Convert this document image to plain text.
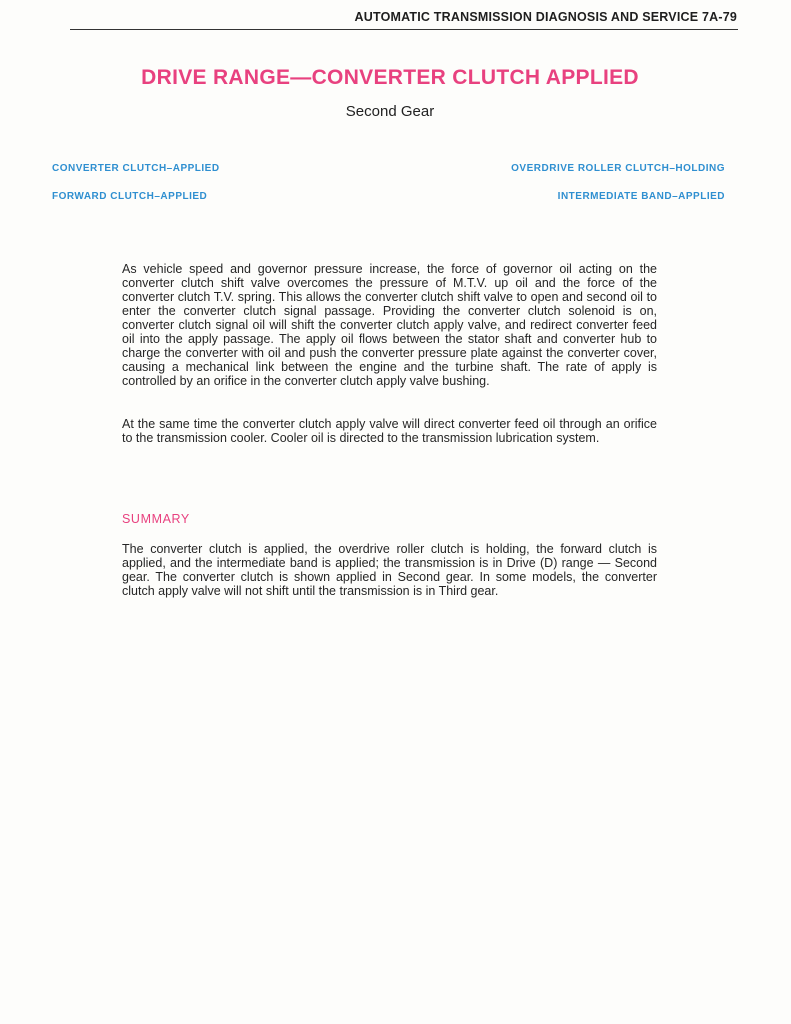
AUTOMATIC TRANSMISSION DIAGNOSIS AND SERVICE 7A-79
DRIVE RANGE—CONVERTER CLUTCH APPLIED
Second Gear
CONVERTER CLUTCH–APPLIED
FORWARD CLUTCH–APPLIED
OVERDRIVE ROLLER CLUTCH–HOLDING
INTERMEDIATE BAND–APPLIED

As vehicle speed and governor pressure increase, the force of governor oil acting on the converter clutch shift valve overcomes the pressure of M.T.V. up oil and the force of the converter clutch T.V. spring. This allows the converter clutch shift valve to open and second oil to enter the converter clutch signal passage. Providing the converter clutch solenoid is on, converter clutch signal oil will shift the converter clutch apply valve, and redirect converter feed oil into the apply passage. The apply oil flows between the stator shaft and converter hub to charge the converter with oil and push the converter pressure plate against the converter cover, causing a mechanical link between the engine and the turbine shaft. The rate of apply is controlled by an orifice in the converter clutch apply valve bushing.

At the same time the converter clutch apply valve will direct converter feed oil through an orifice to the transmission cooler. Cooler oil is directed to the transmission lubrication system.

SUMMARY

The converter clutch is applied, the overdrive roller clutch is holding, the forward clutch is applied, and the intermediate band is applied; the transmission is in Drive (D) range — Second gear. The converter clutch is shown applied in Second gear. In some models, the converter clutch apply valve will not shift until the transmission is in Third gear.
